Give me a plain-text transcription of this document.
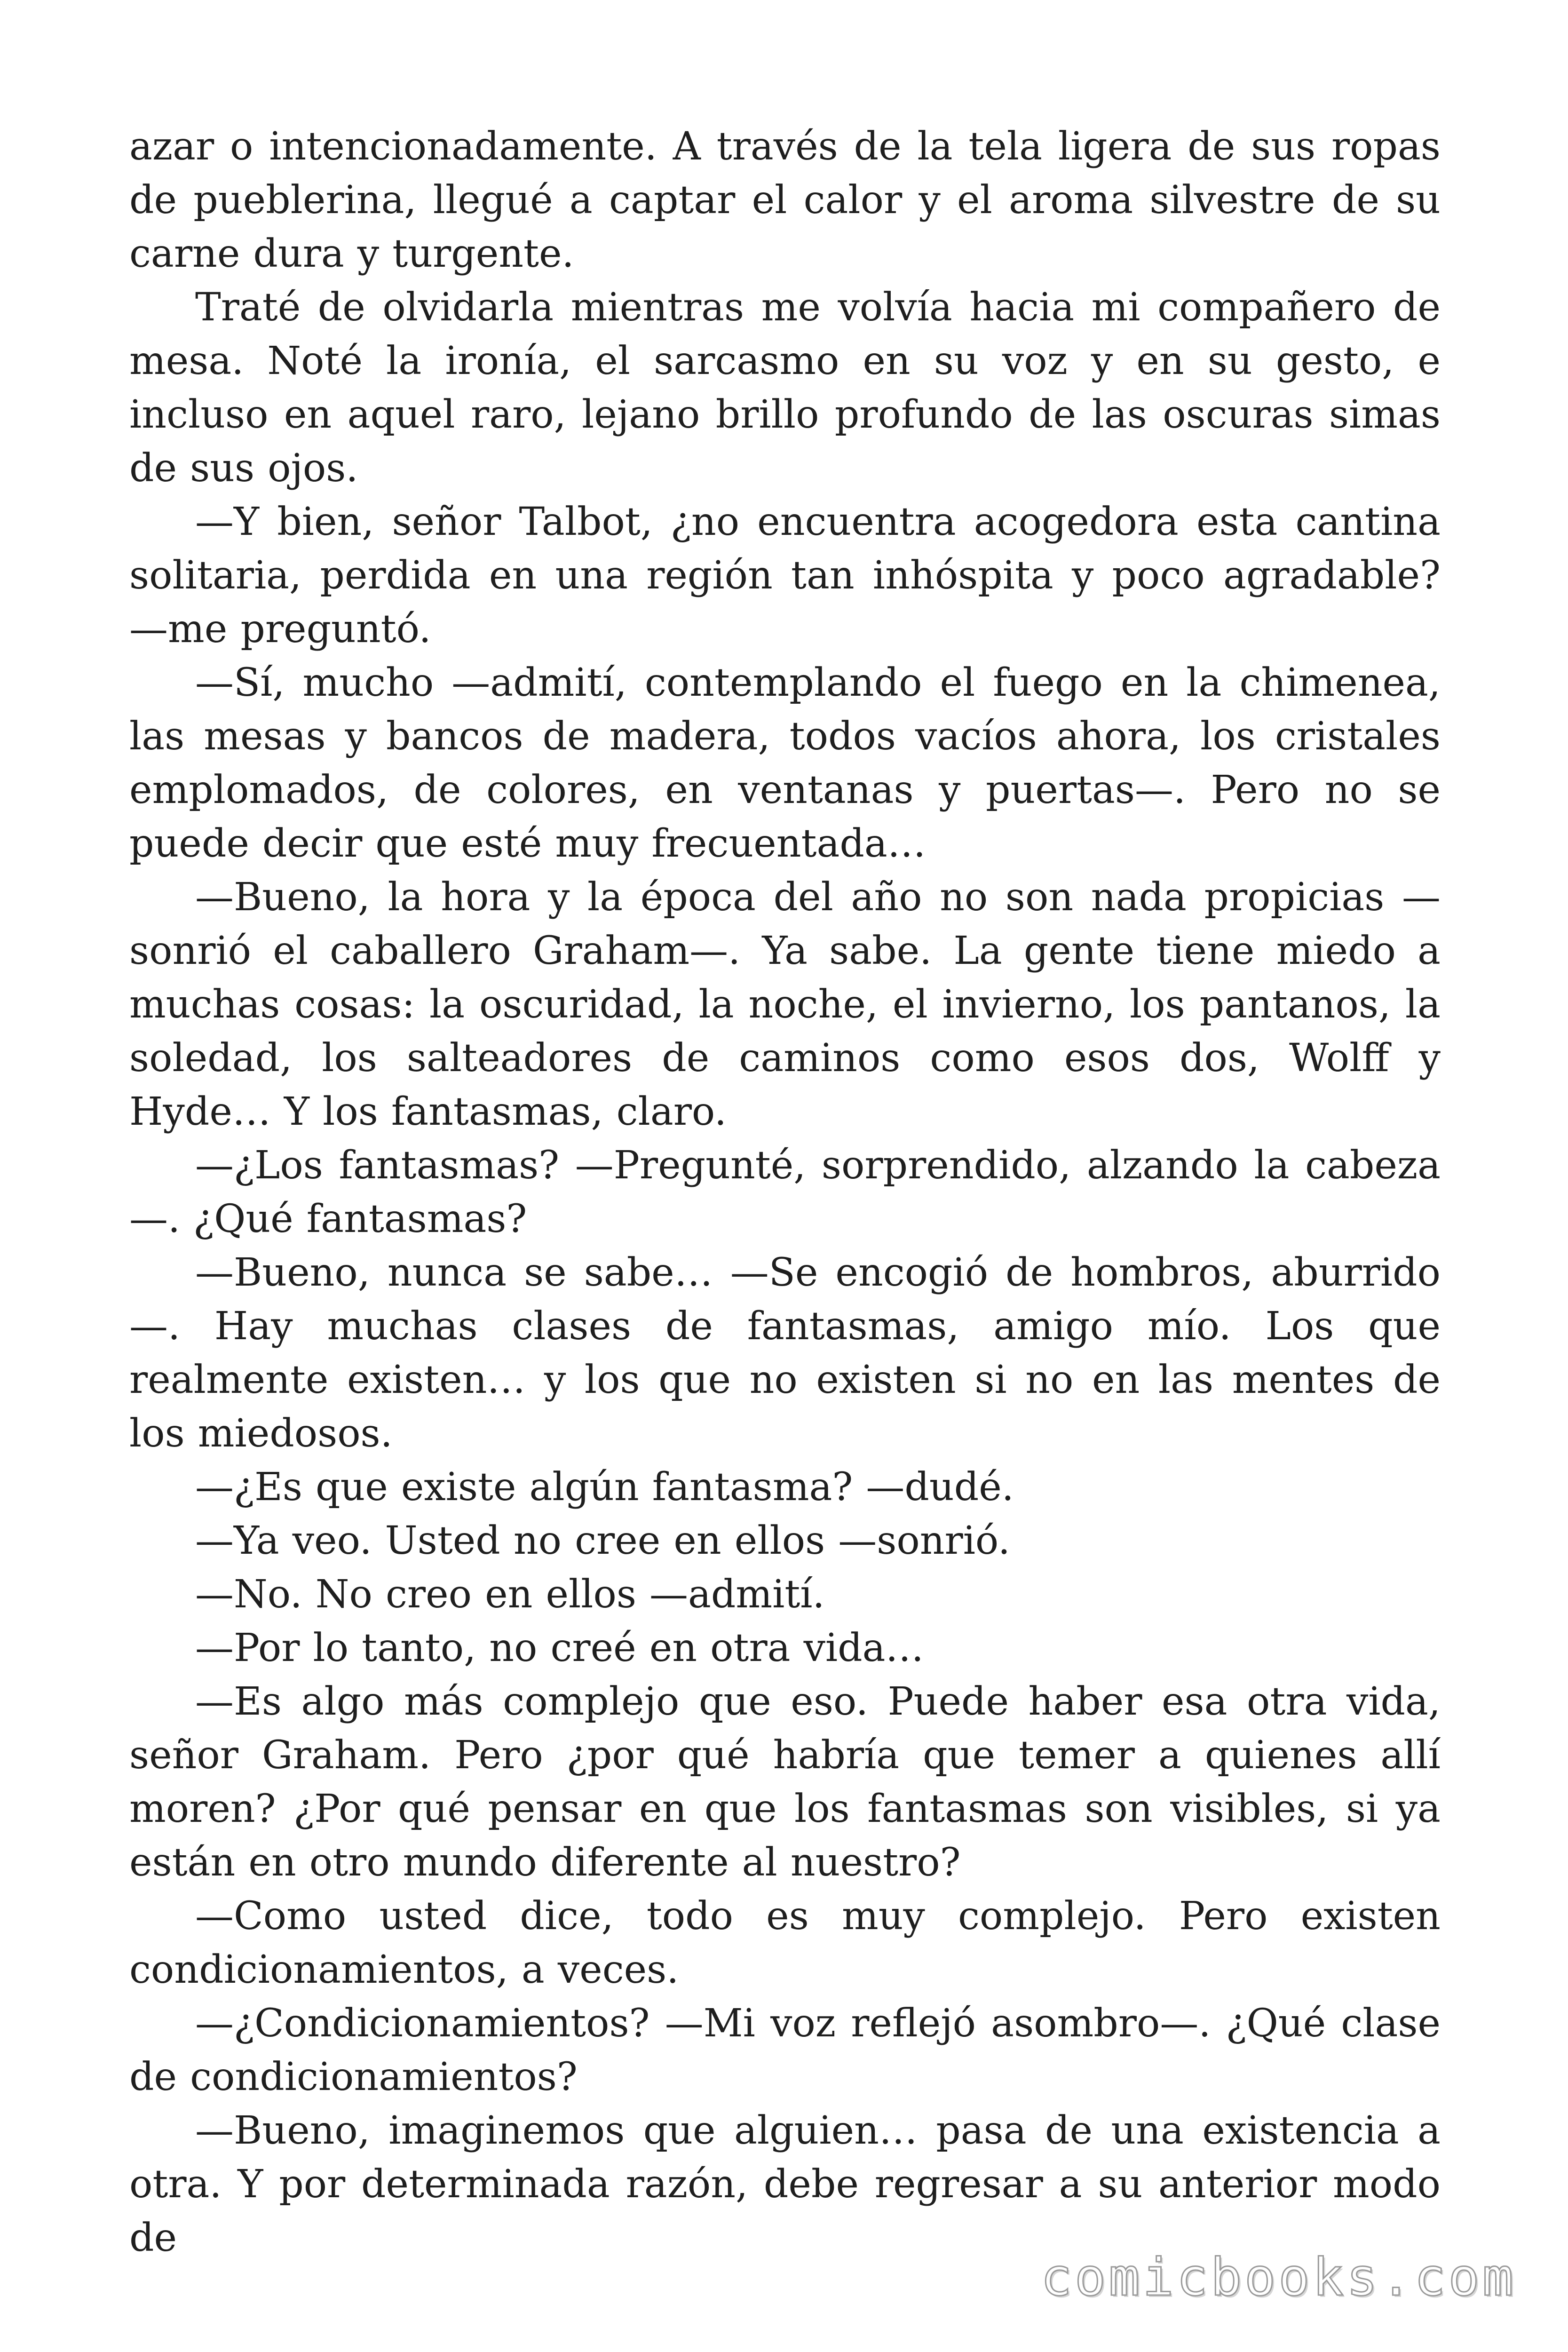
azar o intencionadamente. A través de la tela ligera de sus ropas de pueblerina, llegué a captar el calor y el aroma silvestre de su carne dura y turgente.

Traté de olvidarla mientras me volvía hacia mi compañero de mesa. Noté la ironía, el sarcasmo en su voz y en su gesto, e incluso en aquel raro, lejano brillo profundo de las oscuras simas de sus ojos.

—Y bien, señor Talbot, ¿no encuentra acogedora esta cantina solitaria, perdida en una región tan inhóspita y poco agradable? —me preguntó.

—Sí, mucho —admití, contemplando el fuego en la chimenea, las mesas y bancos de madera, todos vacíos ahora, los cristales emplomados, de colores, en ventanas y puertas—. Pero no se puede decir que esté muy frecuentada…

—Bueno, la hora y la época del año no son nada propicias —sonrió el caballero Graham—. Ya sabe. La gente tiene miedo a muchas cosas: la oscuridad, la noche, el invierno, los pantanos, la soledad, los salteadores de caminos como esos dos, Wolff y Hyde… Y los fantasmas, claro.

—¿Los fantasmas? —Pregunté, sorprendido, alzando la cabeza —. ¿Qué fantasmas?

—Bueno, nunca se sabe… —Se encogió de hombros, aburrido—. Hay muchas clases de fantasmas, amigo mío. Los que realmente existen… y los que no existen si no en las mentes de los miedosos.

—¿Es que existe algún fantasma? —dudé.

—Ya veo. Usted no cree en ellos —sonrió.

—No. No creo en ellos —admití.

—Por lo tanto, no creé en otra vida…

—Es algo más complejo que eso. Puede haber esa otra vida, señor Graham. Pero ¿por qué habría que temer a quienes allí moren? ¿Por qué pensar en que los fantasmas son visibles, si ya están en otro mundo diferente al nuestro?

—Como usted dice, todo es muy complejo. Pero existen condicionamientos, a veces.

—¿Condicionamientos? —Mi voz reflejó asombro—. ¿Qué clase de condicionamientos?

—Bueno, imaginemos que alguien… pasa de una existencia a otra. Y por determinada razón, debe regresar a su anterior modo de

comicbooks.com
